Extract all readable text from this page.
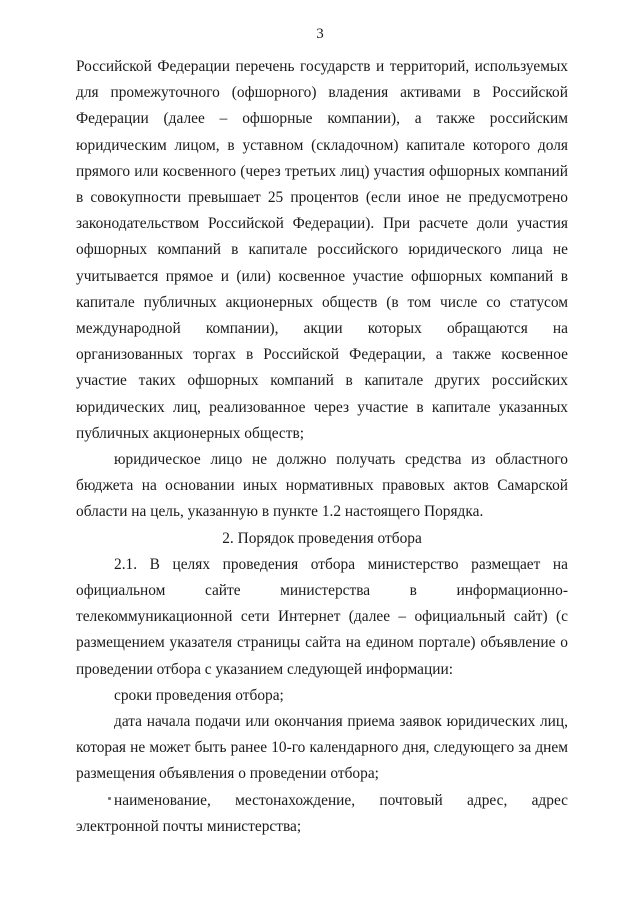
3
Российской Федерации перечень государств и территорий, используемых
для промежуточного (офшорного) владения активами в Российской
Федерации (далее – офшорные компании), а также российским
юридическим лицом, в уставном (складочном) капитале которого доля
прямого или косвенного (через третьих лиц) участия офшорных компаний
в совокупности превышает 25 процентов (если иное не предусмотрено
законодательством Российской Федерации). При расчете доли участия
офшорных компаний в капитале российского юридического лица не
учитывается прямое и (или) косвенное участие офшорных компаний в
капитале публичных акционерных обществ (в том числе со статусом
международной компании), акции которых обращаются на
организованных торгах в Российской Федерации, а также косвенное
участие таких офшорных компаний в капитале других российских
юридических лиц, реализованное через участие в капитале указанных
публичных акционерных обществ;
юридическое лицо не должно получать средства из областного
бюджета на основании иных нормативных правовых актов Самарской
области на цель, указанную в пункте 1.2 настоящего Порядка.
2. Порядок проведения отбора
2.1. В целях проведения отбора министерство размещает на
официальном сайте министерства в информационно-
телекоммуникационной сети Интернет (далее – официальный сайт) (с
размещением указателя страницы сайта на едином портале) объявление о
проведении отбора с указанием следующей информации:
сроки проведения отбора;
дата начала подачи или окончания приема заявок юридических лиц,
которая не может быть ранее 10-го календарного дня, следующего за днем
размещения объявления о проведении отбора;
наименование, местонахождение, почтовый адрес, адрес
электронной почты министерства;
